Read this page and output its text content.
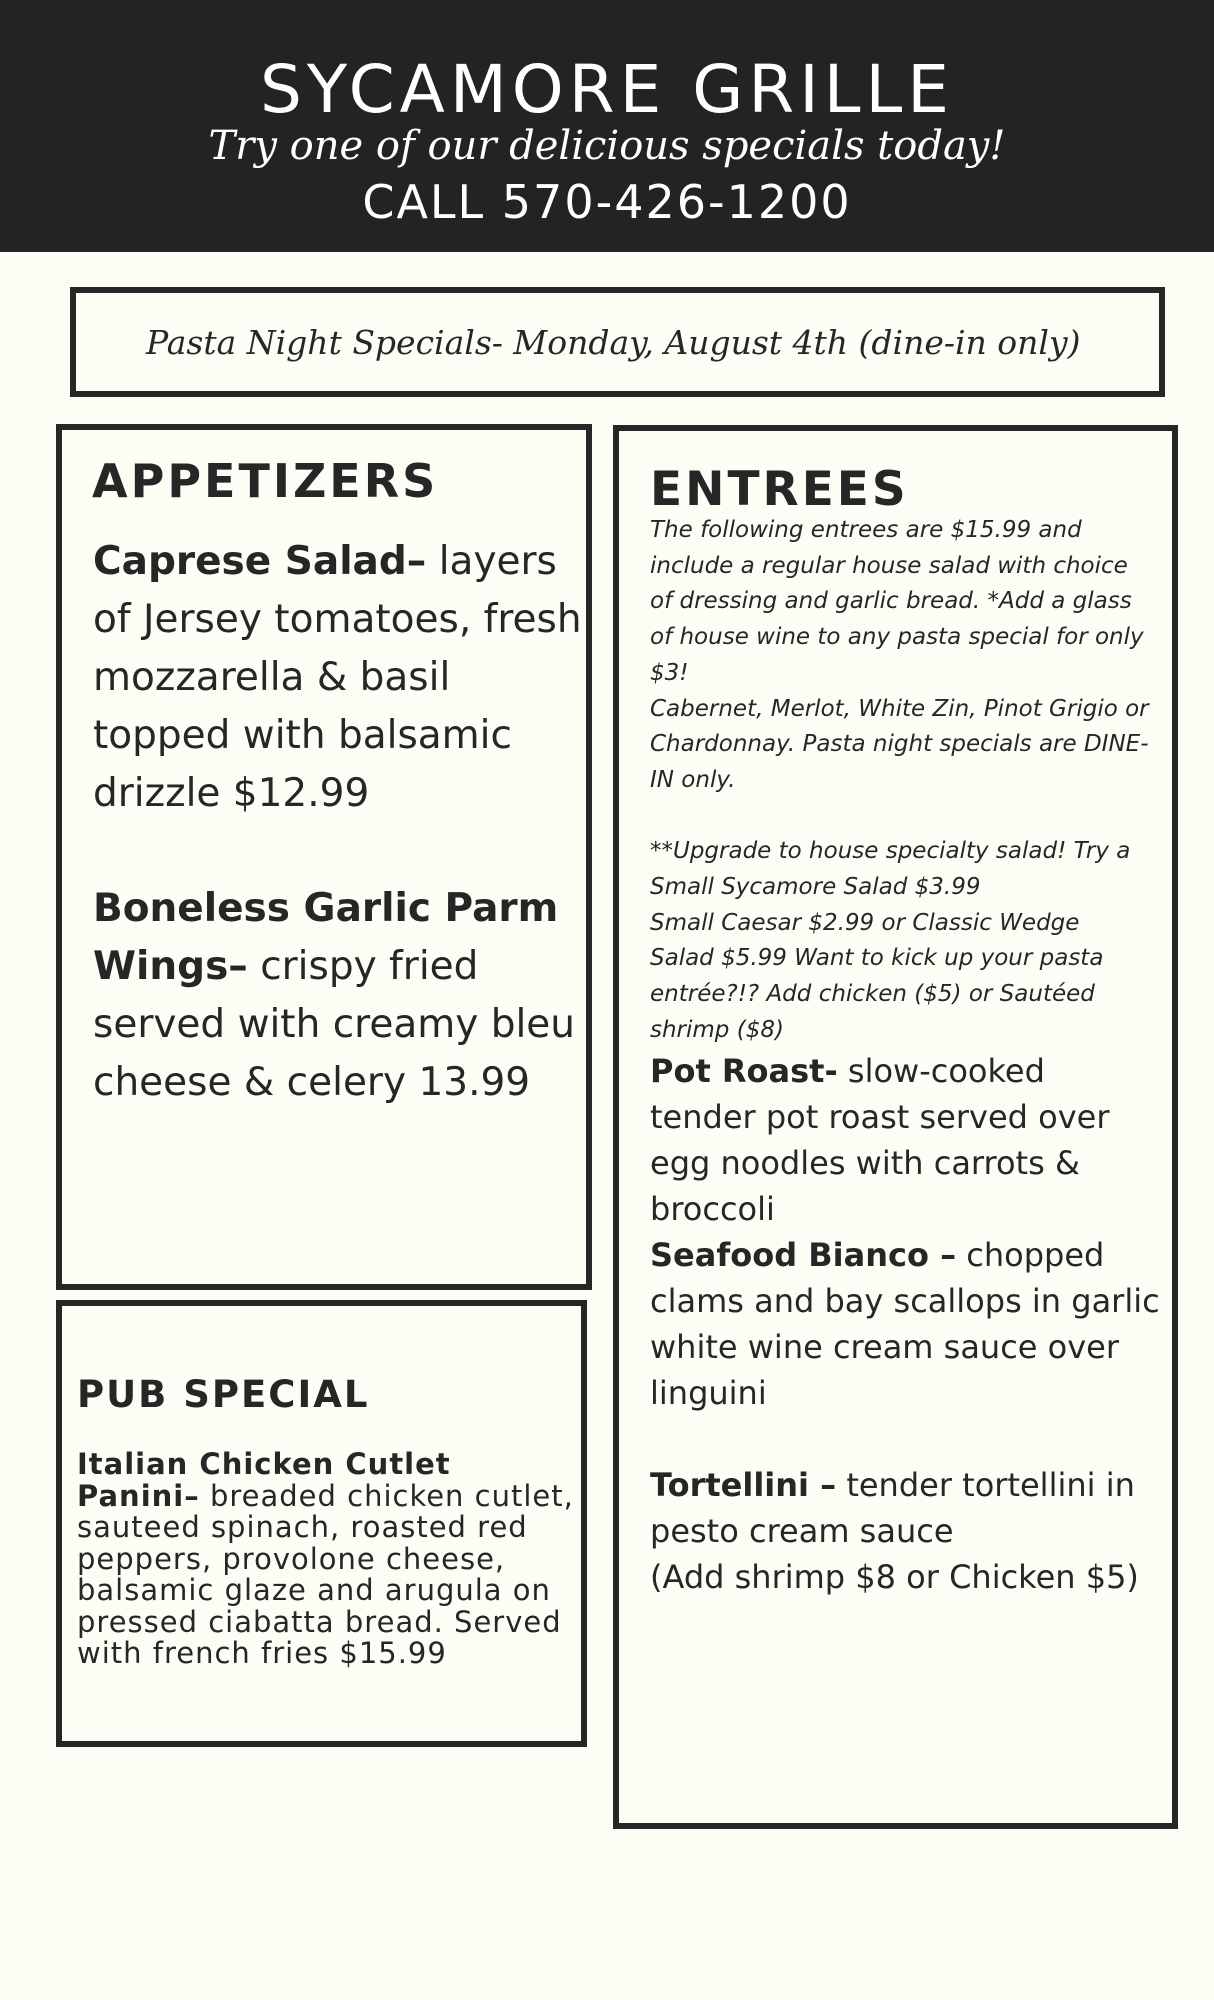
SYCAMORE GRILLE
Try one of our delicious specials today!
CALL 570-426-1200
Pasta Night Specials- Monday, August 4th (dine-in only)
APPETIZERS
Caprese Salad– layers of Jersey tomatoes, fresh mozzarella & basil topped with balsamic drizzle $12.99
Boneless Garlic Parm Wings– crispy fried served with creamy bleu cheese & celery 13.99
ENTREES

The following entrees are $15.99 and include a regular house salad with choice of dressing and garlic bread. *Add a glass of house wine to any pasta special for only $3!

Cabernet, Merlot, White Zin, Pinot Grigio or Chardonnay. Pasta night specials are DINE-IN only.

**Upgrade to house specialty salad! Try a Small Sycamore Salad $3.99

Small Caesar $2.99 or Classic Wedge Salad $5.99 Want to kick up your pasta entrée?!? Add chicken ($5) or Sautéed shrimp ($8)

Pot Roast- slow-cooked tender pot roast served over egg noodles with carrots & broccoli
Seafood Bianco – chopped clams and bay scallops in garlic white wine cream sauce over linguini
Tortellini – tender tortellini in pesto cream sauce
(Add shrimp $8 or Chicken $5)
PUB SPECIAL
Italian Chicken Cutlet Panini– breaded chicken cutlet, sauteed spinach, roasted red peppers, provolone cheese, balsamic glaze and arugula on pressed ciabatta bread. Served with french fries $15.99
